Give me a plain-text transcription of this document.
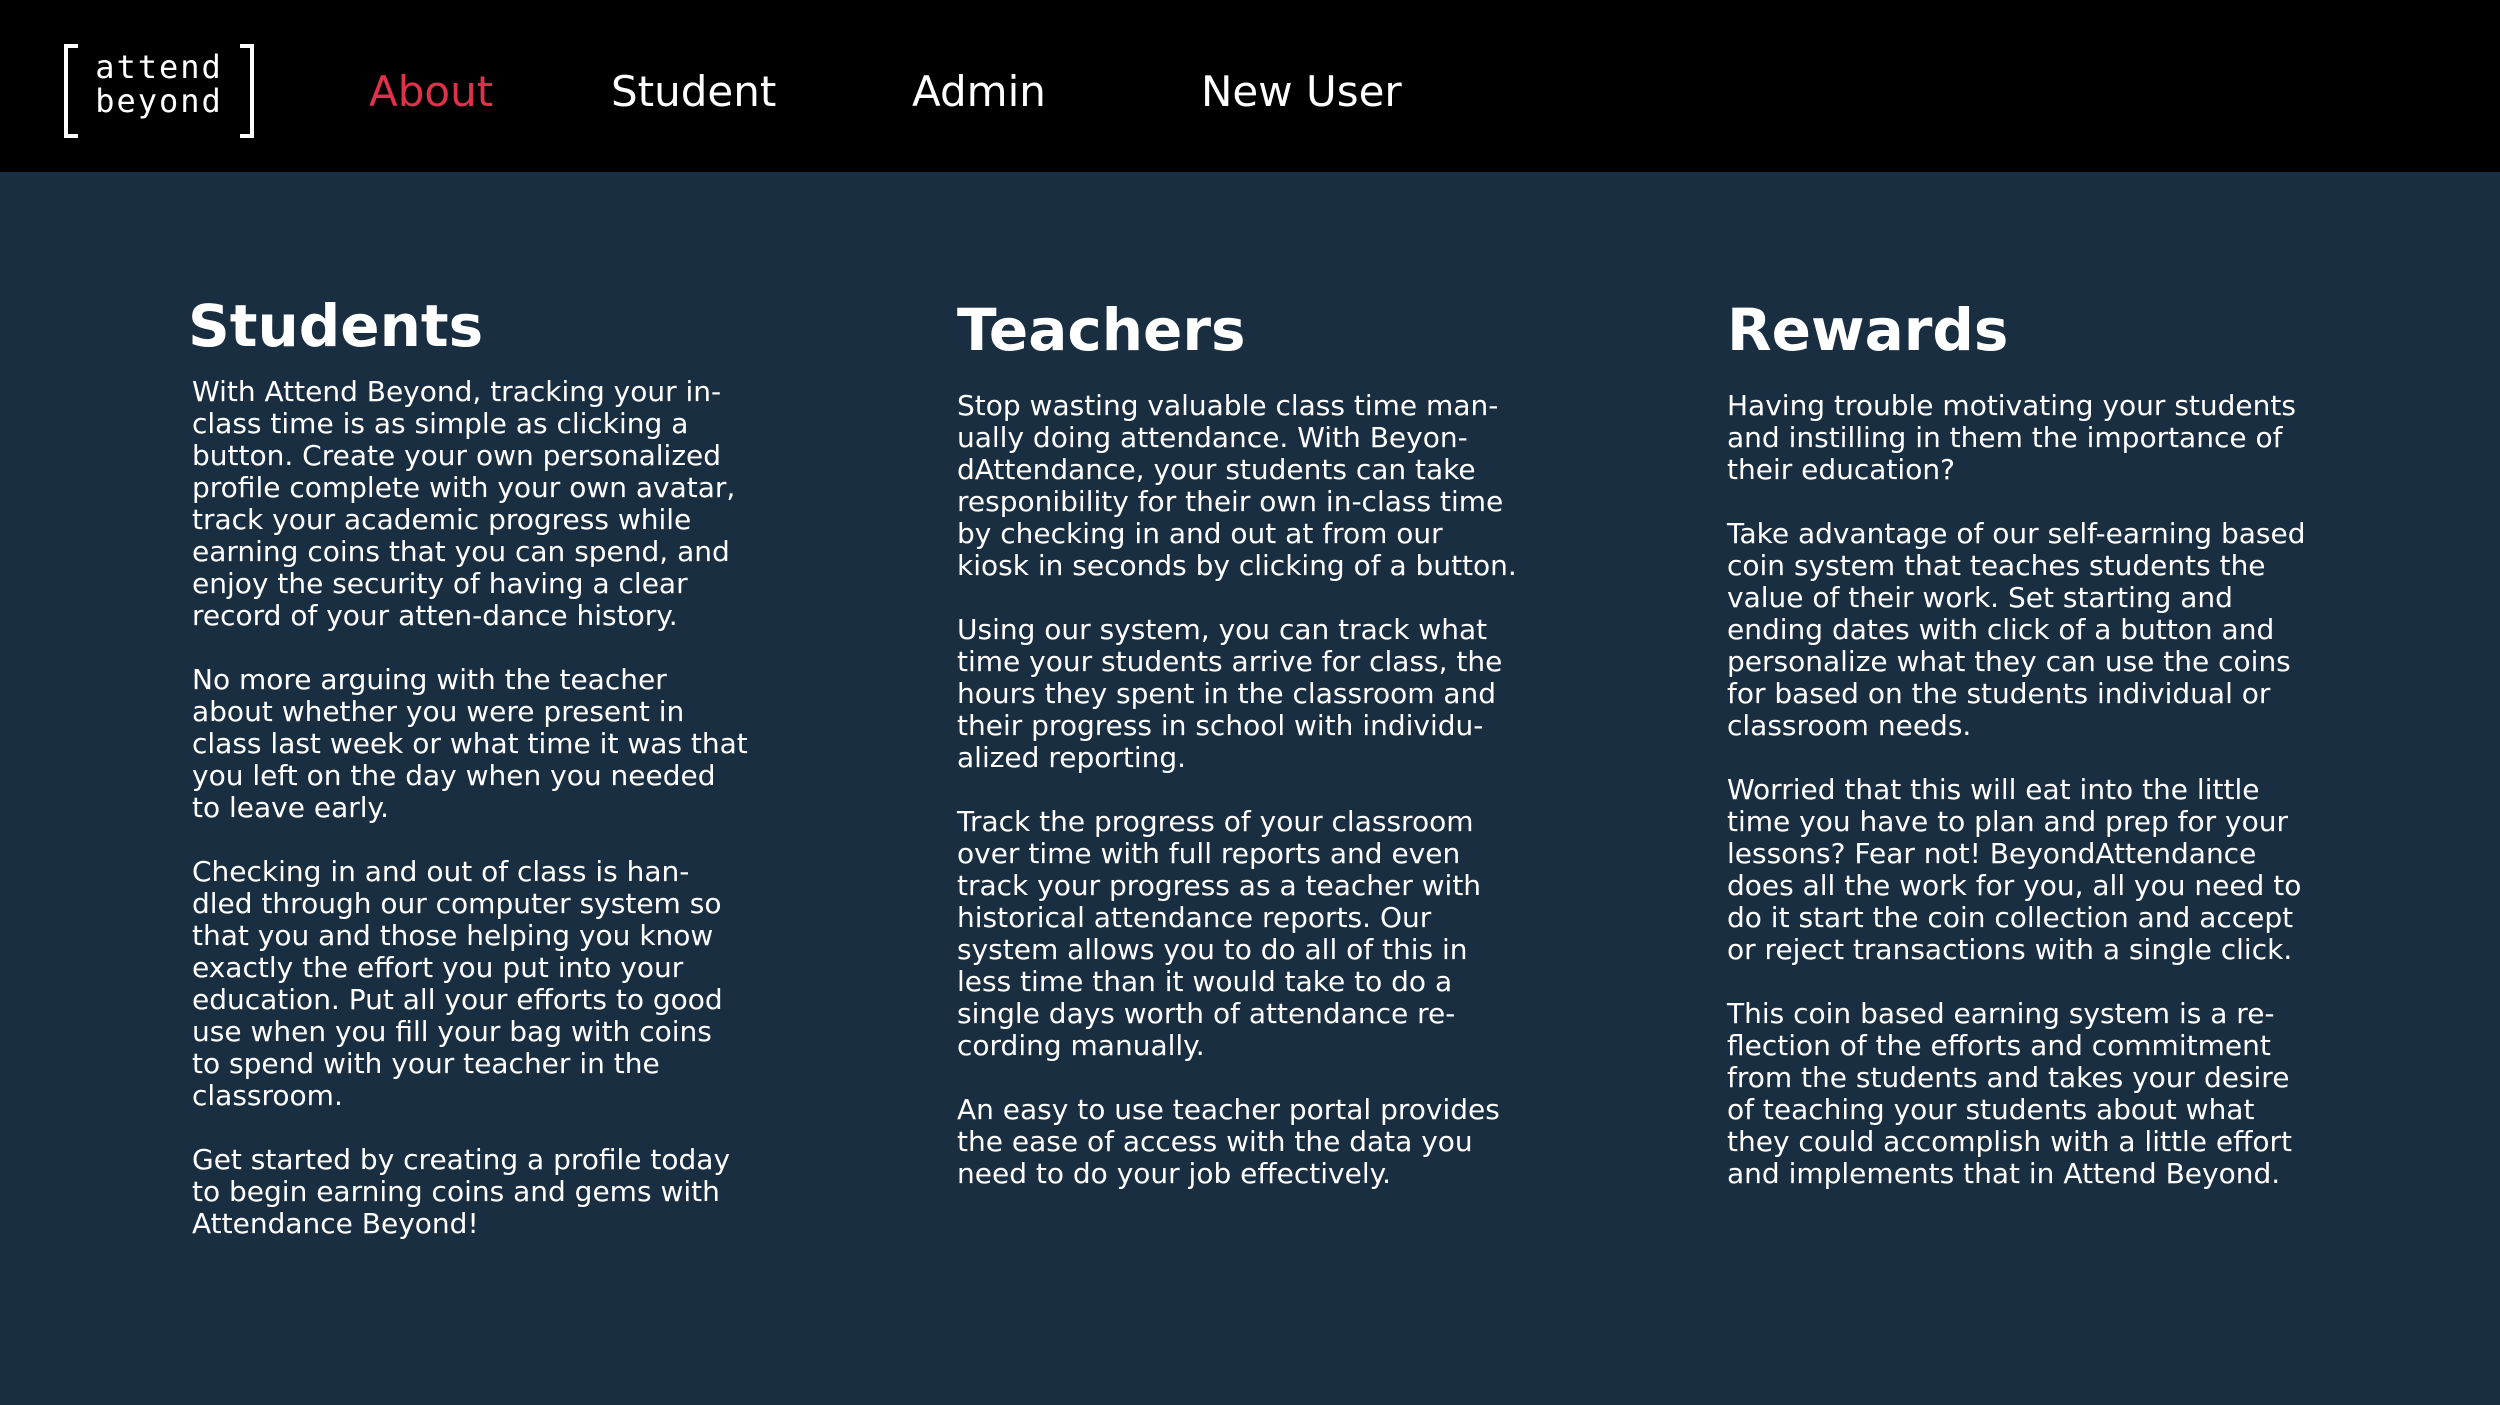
attend
beyond	About	Student	Admin	New User
Students

With Attend Beyond, tracking your in-class time is as simple as clicking a button. Create your own personalized profile complete with your own avatar, track your academic progress while earning coins that you can spend, and enjoy the security of having a clear record of your atten-dance history.

No more arguing with the teacher about whether you were present in class last week or what time it was that you left on the day when you needed to leave early.

Checking in and out of class is han-dled through our computer system so that you and those helping you know exactly the effort you put into your education. Put all your efforts to good use when you fill your bag with coins to spend with your teacher in the classroom.

Get started by creating a profile today to begin earning coins and gems with Attendance Beyond!

Teachers

Stop wasting valuable class time man-ually doing attendance. With Beyon-dAttendance, your students can take responibility for their own in-class time by checking in and out at from our kiosk in seconds by clicking of a button.

Using our system, you can track what time your students arrive for class, the hours they spent in the classroom and their progress in school with individu-alized reporting.

Track the progress of your classroom over time with full reports and even track your progress as a teacher with historical attendance reports. Our system allows you to do all of this in less time than it would take to do a single days worth of attendance re-cording manually.

An easy to use teacher portal provides the ease of access with the data you need to do your job effectively.

Rewards

Having trouble motivating your students and instilling in them the importance of their education?

Take advantage of our self-earning based coin system that teaches students the value of their work. Set starting and ending dates with click of a button and personalize what they can use the coins for based on the students individual or classroom needs.

Worried that this will eat into the little time you have to plan and prep for your lessons? Fear not! BeyondAttendance does all the work for you, all you need to do it start the coin collection and accept or reject transactions with a single click.

This coin based earning system is a re-flection of the efforts and commitment from the students and takes your desire of teaching your students about what they could accomplish with a little effort and implements that in Attend Beyond.
